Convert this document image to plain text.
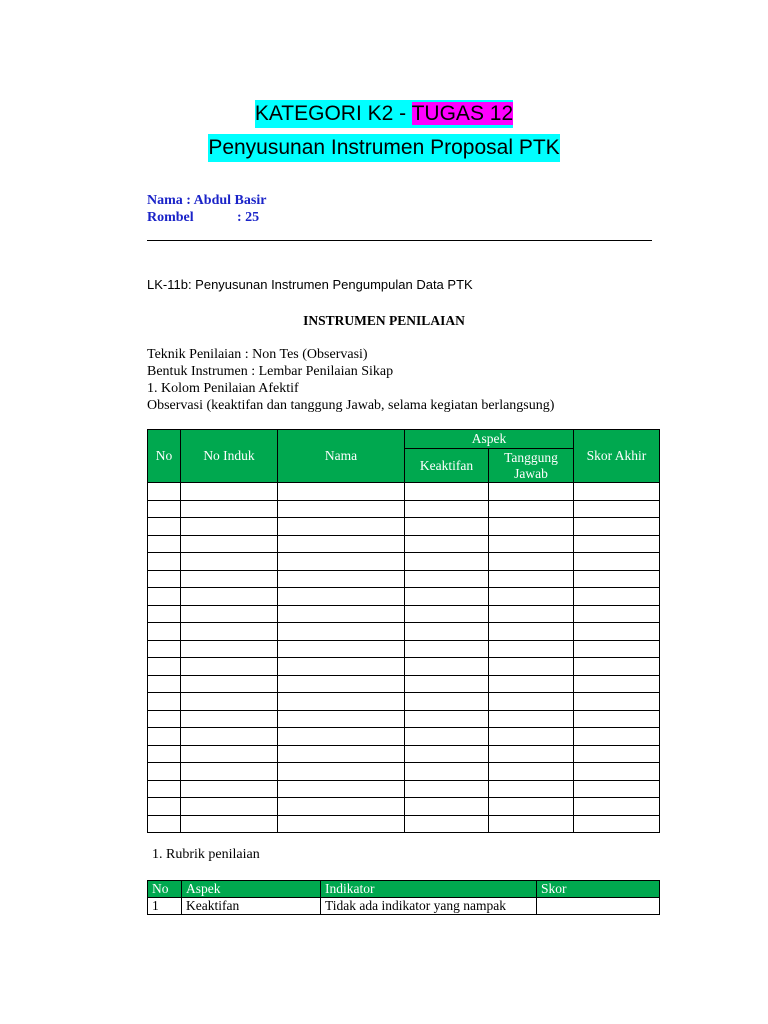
KATEGORI K2 - TUGAS 12
Penyusunan Instrumen Proposal PTK
Nama : Abdul Basir
Rombel	: 25
LK-11b: Penyusunan Instrumen Pengumpulan Data PTK
INSTRUMEN PENILAIAN
Teknik Penilaian : Non Tes (Observasi)
Bentuk Instrumen : Lembar Penilaian Sikap
1. Kolom Penilaian Afektif
Observasi (keaktifan dan tanggung Jawab, selama kegiatan berlangsung)
No	No Induk	Nama	Aspek		Skor Akhir
			Keaktifan	Tanggung Jawab	

1. Rubrik penilaian
No	Aspek	Indikator	Skor
1	Keaktifan	Tidak ada indikator yang nampak	
